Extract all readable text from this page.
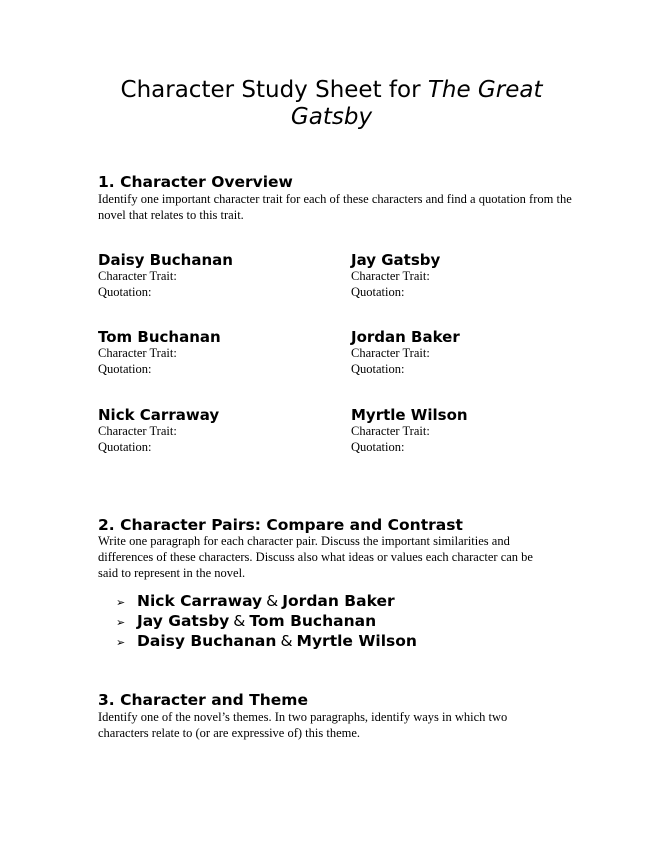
Character Study Sheet for The Great Gatsby
1. Character Overview
Identify one important character trait for each of these characters and find a quotation from the novel that relates to this trait.
Daisy Buchanan
Character Trait:
Quotation:
Jay Gatsby
Character Trait:
Quotation:
Tom Buchanan
Character Trait:
Quotation:
Jordan Baker
Character Trait:
Quotation:
Nick Carraway
Character Trait:
Quotation:
Myrtle Wilson
Character Trait:
Quotation:
2. Character Pairs: Compare and Contrast
Write one paragraph for each character pair. Discuss the important similarities and differences of these characters. Discuss also what ideas or values each character can be said to represent in the novel.
➢ Nick Carraway & Jordan Baker
➢ Jay Gatsby & Tom Buchanan
➢ Daisy Buchanan & Myrtle Wilson
3. Character and Theme
Identify one of the novel’s themes. In two paragraphs, identify ways in which two characters relate to (or are expressive of) this theme.
